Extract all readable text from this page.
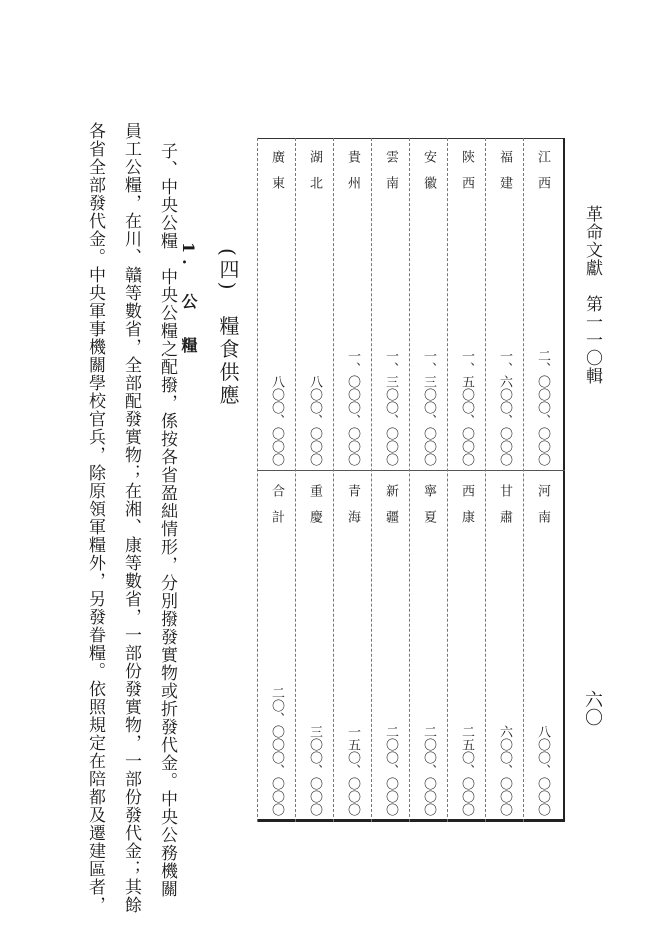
革命文獻　第一一〇輯
六〇
江　西
二、〇〇〇、〇〇〇
河　南
八〇〇、〇〇〇
福　建
一、六〇〇、〇〇〇
甘　肅
六〇〇、〇〇〇
陝　西
一、五〇〇、〇〇〇
西　康
二五〇、〇〇〇
安　徽
一、三〇〇、〇〇〇
寧　夏
二〇〇、〇〇〇
雲　南
一、三〇〇、〇〇〇
新　疆
二〇〇、〇〇〇
貴　州
一、〇〇〇、〇〇〇
青　海
一五〇、〇〇〇
湖　北
八〇〇、〇〇〇
重　慶
三〇〇、〇〇〇
廣　東
八〇〇、〇〇〇
合　計
二〇、〇〇〇、〇〇〇
(四)　糧食供應
1.　公　糧
子、中央公糧　中央公糧之配撥，係按各省盈絀情形，分別撥發實物或折發代金。中央公務機關
員工公糧，在川、贛等數省，全部配發實物；在湘、康等數省，一部份發實物，一部份發代金；其餘
各省全部發代金。中央軍事機關學校官兵，除原領軍糧外，另發眷糧。依照規定在陪都及遷建區者，
